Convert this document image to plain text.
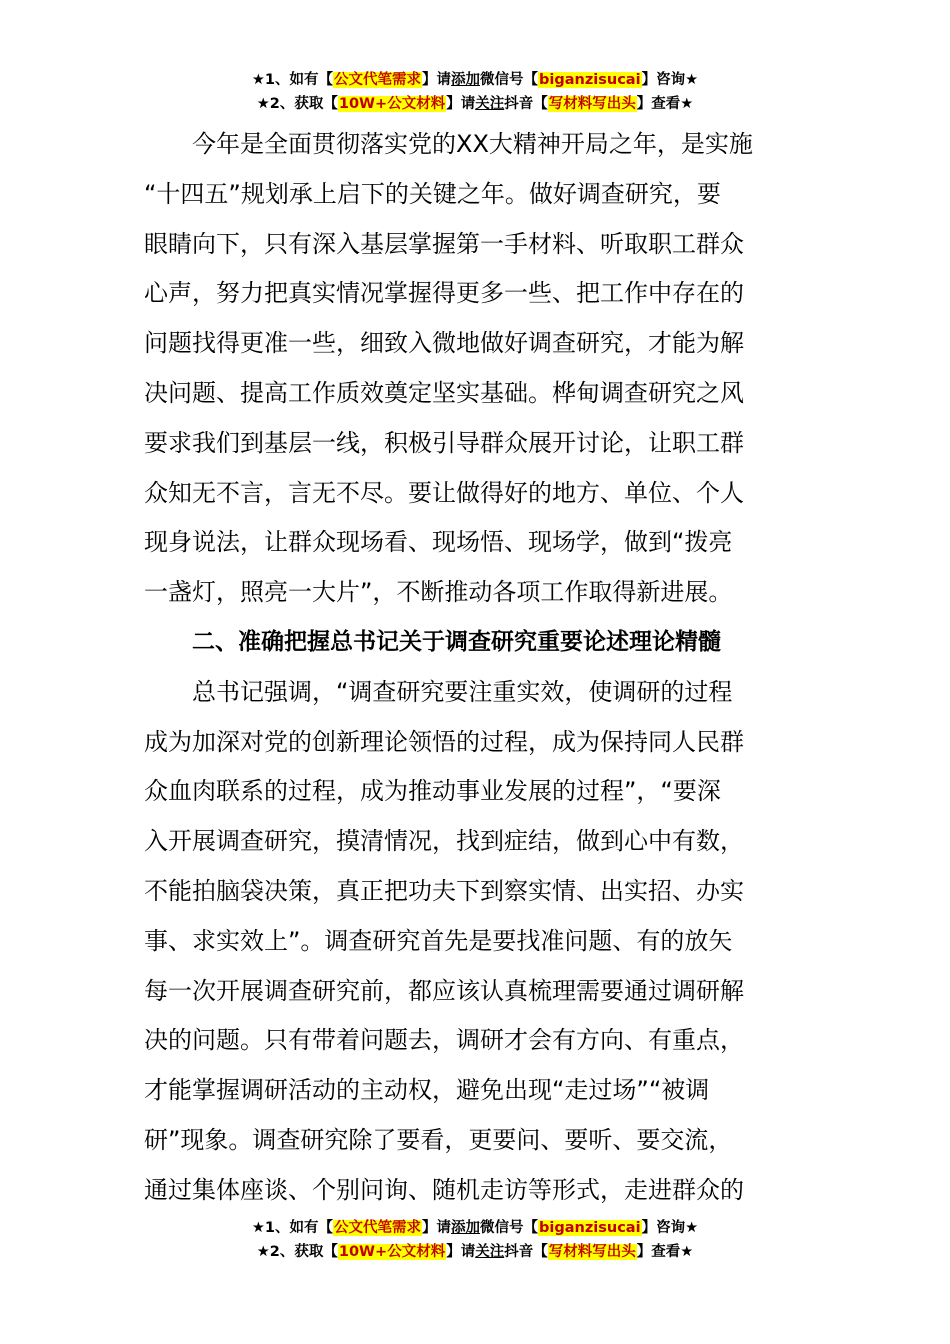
★1、如有【公文代笔需求】请添加微信号【biganzisucai】咨询★
★2、获取【10W+公文材料】请关注抖音【写材料写出头】查看★
今年是全面贯彻落实党的XX大精神开局之年，是实施
“十四五”规划承上启下的关键之年。做好调查研究，要
眼睛向下，只有深入基层掌握第一手材料、听取职工群众
心声，努力把真实情况掌握得更多一些、把工作中存在的
问题找得更准一些，细致入微地做好调查研究，才能为解
决问题、提高工作质效奠定坚实基础。桦甸调查研究之风
要求我们到基层一线，积极引导群众展开讨论，让职工群
众知无不言，言无不尽。要让做得好的地方、单位、个人
现身说法，让群众现场看、现场悟、现场学，做到“拨亮
一盏灯，照亮一大片”，不断推动各项工作取得新进展。
二、准确把握总书记关于调查研究重要论述理论精髓
总书记强调，“调查研究要注重实效，使调研的过程
成为加深对党的创新理论领悟的过程，成为保持同人民群
众血肉联系的过程，成为推动事业发展的过程”，“要深
入开展调查研究，摸清情况，找到症结，做到心中有数，
不能拍脑袋决策，真正把功夫下到察实情、出实招、办实
事、求实效上”。调查研究首先是要找准问题、有的放矢
每一次开展调查研究前，都应该认真梳理需要通过调研解
决的问题。只有带着问题去，调研才会有方向、有重点，
才能掌握调研活动的主动权，避免出现“走过场”“被调
研”现象。调查研究除了要看，更要问、要听、要交流，
通过集体座谈、个别问询、随机走访等形式，走进群众的
★1、如有【公文代笔需求】请添加微信号【biganzisucai】咨询★
★2、获取【10W+公文材料】请关注抖音【写材料写出头】查看★
